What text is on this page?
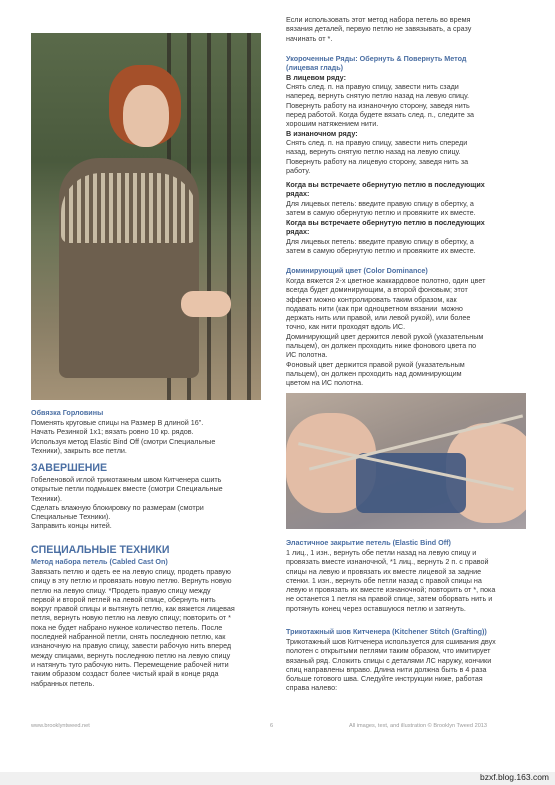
Если использовать этот метод набора петель во время
вязания деталей, первую петлю не завязывать, а сразу
начинать от *.
Укороченные Ряды: Обернуть & Повернуть Метод
(лицевая гладь)
В лицевом ряду:
Снять след. п. на правую спицу, завести нить сзади
наперед, вернуть снятую петлю назад на левую спицу.
Повернуть работу на изнаночную сторону, заведя нить
перед работой. Когда будете вязать след. п., следите за
хорошим натяжением нити.
В изнаночном ряду:
Снять след. п. на правую спицу, завести нить спереди
назад, вернуть снятую петлю назад на левую спицу.
Повернуть работу на лицевую сторону, заведя нить за
работу.
Когда вы встречаете обернутую петлю в последующих
рядах:
Для лицевых петель: введите правую спицу в обертку, а
затем в самую обернутую петлю и провяжите их вместе.
Когда вы встречаете обернутую петлю в последующих
рядах:
Для лицевых петель: введите правую спицу в обертку, а
затем в самую обернутую петлю и провяжите их вместе.
Доминирующий цвет (Color Dominance)
Когда вяжется 2-х цветное жаккардовое полотно, один цвет
всегда будет доминирующим, а второй фоновым; этот
эффект можно контролировать таким образом, как
подавать нити (как при одноцветном вязании  можно
держать нить или правой, или левой рукой), или более
точно, как нити проходят вдоль ИС.
Доминирующий цвет держится левой рукой (указательным
пальцем), он должен проходить ниже фонового цвета по
ИС полотна.
Фоновый цвет держится правой рукой (указательным
пальцем), он должен проходить над доминирующим
цветом на ИС полотна.
Эластичное закрытие петель (Elastic Bind Off)
1 лиц., 1 изн., вернуть обе петли назад на левую спицу и
провязать вместе изнаночной, *1 лиц., вернуть 2 п. с правой
спицы на левую и провязать их вместе лицевой за задние
стенки. 1 изн., вернуть обе петли назад с правой спицы на
левую и провязать их вместе изнаночной; повторить от *, пока
не останется 1 петля на правой спице, затем оборвать нить и
протянуть конец через оставшуюся петлю и затянуть.
Трикотажный шов Китченера (Kitchener Stitch (Grafting))
Трикотажный шов Китченера используется для сшивания двух
полотен с открытыми петлями таким образом, что имитирует
вязаный ряд. Сложить спицы с деталями ЛС наружу, кончики
спиц направлены вправо. Длина нити должна быть в 4 раза
больше готового шва. Следуйте инструкции ниже, работая
справа налево:
Обвязка Горловины
Поменять круговые спицы на Размер B длиной 16".
Начать Резинкой 1х1; вязать ровно 10 кр. рядов.
Используя метод Elastic Bind Off (смотри Специальные
Техники), закрыть все петли.
ЗАВЕРШЕНИЕ
Гобеленовой иглой трикотажным швом Китченера сшить
открытые петли подмышек вместе (смотри Специальные
Техники).
Сделать влажную блокировку по размерам (смотри
Специальные Техники).
Заправить концы нитей.
СПЕЦИАЛЬНЫЕ ТЕХНИКИ
Метод набора петель (Cabled Cast On)
Завязать петлю и одеть ее на левую спицу, продеть правую
спицу в эту петлю и провязать новую петлю. Вернуть новую
петлю на левую спицу. *Продеть правую спицу между
первой и второй петлей на левой спице, обернуть нить
вокруг правой спицы и вытянуть петлю, как вяжется лицевая
петля, вернуть новую петлю на левую спицу; повторить от *
пока не будет набрано нужное количество петель. После
последней набранной петли, снять последнюю петлю, как
изнаночную на правую спицу, завести рабочую нить вперед
между спицами, вернуть последнюю петлю на левую спицу
и натянуть туго рабочую нить. Перемещение рабочей нити
таким образом создаст более чистый край в конце ряда
набранных петель.
www.brooklyntweed.net	6	All images, text, and illustration © Brooklyn Tweed 2013
bzxf.blog.163.com
